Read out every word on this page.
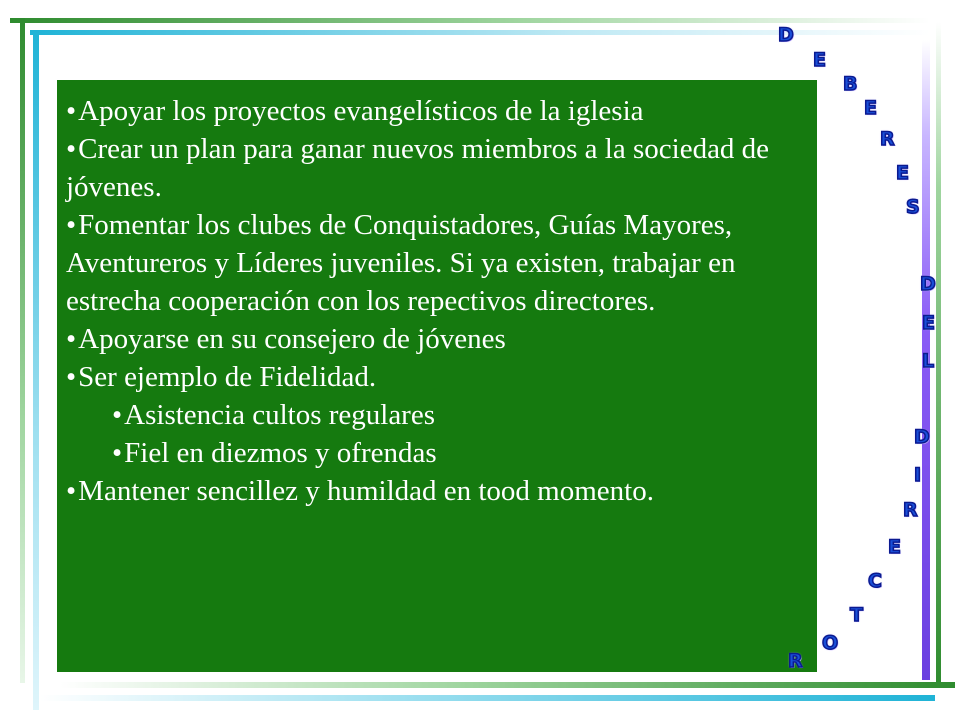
•Apoyar los proyectos evangelísticos de la iglesia

•Crear un plan para ganar nuevos miembros a la sociedad de jóvenes.

•Fomentar los clubes de Conquistadores, Guías Mayores, Aventureros y Líderes juveniles. Si ya existen, trabajar en estrecha cooperación con los repectivos directores.

•Apoyarse en su consejero de jóvenes

•Ser ejemplo de Fidelidad.

•Asistencia cultos regulares

•Fiel en diezmos y ofrendas

•Mantener sencillez y humildad en tood momento.

D
E
B
E
R
E
S
D
E
L
D
I
R
E
C
T
O
R
